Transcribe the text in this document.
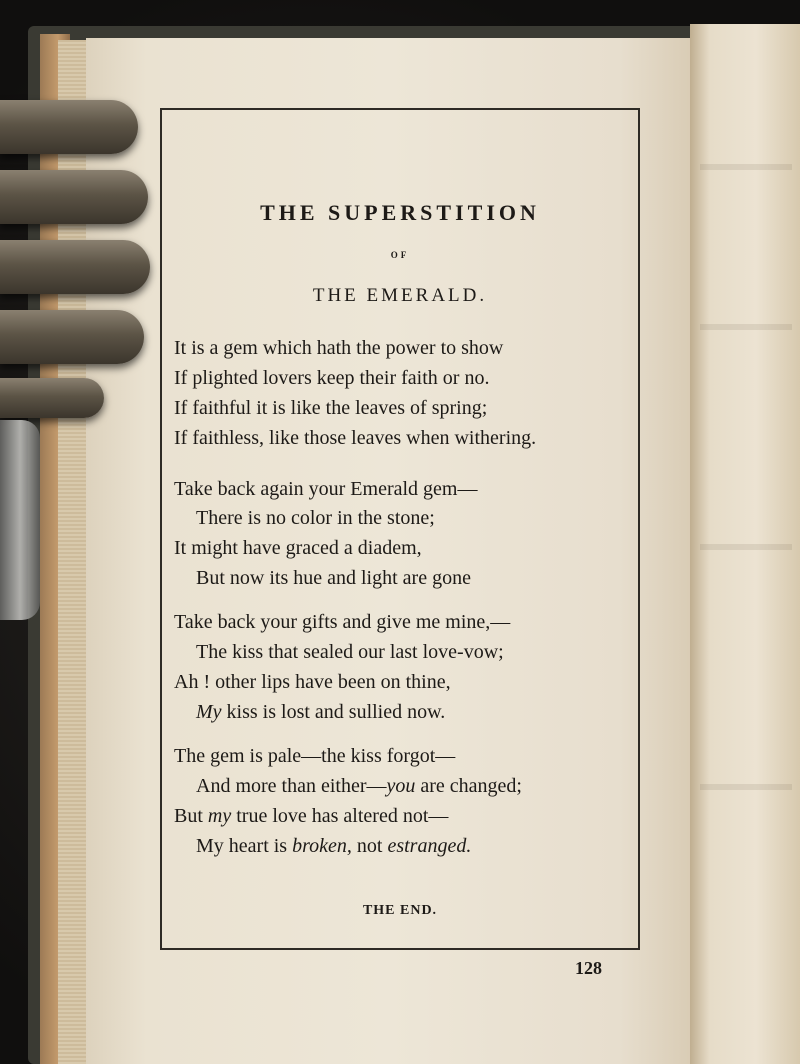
THE SUPERSTITION
OF
THE EMERALD.
It is a gem which hath the power to show
If plighted lovers keep their faith or no.
If faithful it is like the leaves of spring;
If faithless, like those leaves when withering.
Take back again your Emerald gem—
There is no color in the stone;
It might have graced a diadem,
But now its hue and light are gone
Take back your gifts and give me mine,—
The kiss that sealed our last love-vow;
Ah ! other lips have been on thine,
My kiss is lost and sullied now.
The gem is pale—the kiss forgot—
And more than either—you are changed;
But my true love has altered not—
My heart is broken, not estranged.
THE END.
128
